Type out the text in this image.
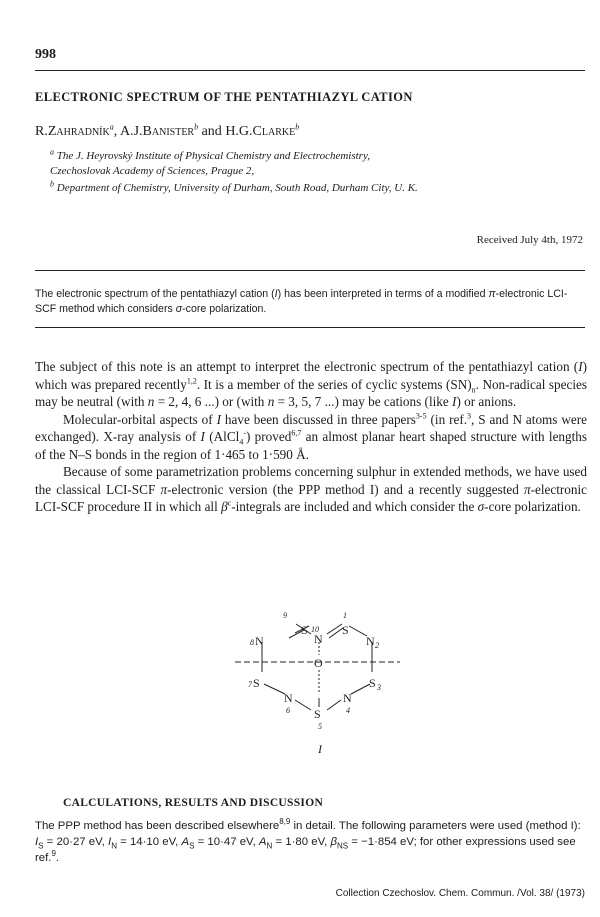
998
ELECTRONIC SPECTRUM OF THE PENTATHIAZYL CATION
R.Zahradník$^a$, A.J.Banister$^b$ and H.G.Clarke$^b$
$^a$ The J. Heyrovský Institute of Physical Chemistry and Electrochemistry,
Czechoslovak Academy of Sciences, Prague 2,
$^b$ Department of Chemistry, University of Durham, South Road, Durham City, U. K.
Received July 4th, 1972
The electronic spectrum of the pentathiazyl cation (I) has been interpreted in terms of a modified π-electronic LCI-SCF method which considers σ-core polarization.

The subject of this note is an attempt to interpret the electronic spectrum of the pentathiazyl cation (I) which was prepared recently$^{1,2}$. It is a member of the series of cyclic systems $(SN)_n$. Non-radical species may be neutral (with n = 2, 4, 6 ...) or (with n = 3, 5, 7 ...) may be cations (like I) or anions.

Molecular-orbital aspects of I have been discussed in three papers$^{3-5}$ (in ref.$^3$, S and N atoms were exchanged). X-ray analysis of I (AlCl$_4$-) proved$^{6,7}$ an almost planar heart shaped structure with lengths of the N–S bonds in the region of 1·465 to 1·590 Å.

Because of some parametrization problems concerning sulphur in extended methods, we have used the classical LCI-SCF π-electronic version (the PPP method I) and a recently suggested π-electronic LCI-SCF procedure II in which all $\beta^c$-integrals are included and which consider the σ-core polarization.

9	1
S 10
N
S
8 N	N 2
O
7 S	S 3
N
6
N
4
S
5
I
CALCULATIONS, RESULTS AND DISCUSSION
The PPP method has been described elsewhere$^{8,9}$ in detail. The following parameters were used (method I): $I_S = 20\cdot 27$ eV, $I_N = 14\cdot 10$ eV, $A_S = 10\cdot 47$ eV, $A_N = 1\cdot 80$ eV, $\beta_{NS} = -1\cdot 854$ eV; for other expressions used see ref.$^9$.
Collection Czechoslov. Chem. Commun. /Vol. 38/ (1973)
